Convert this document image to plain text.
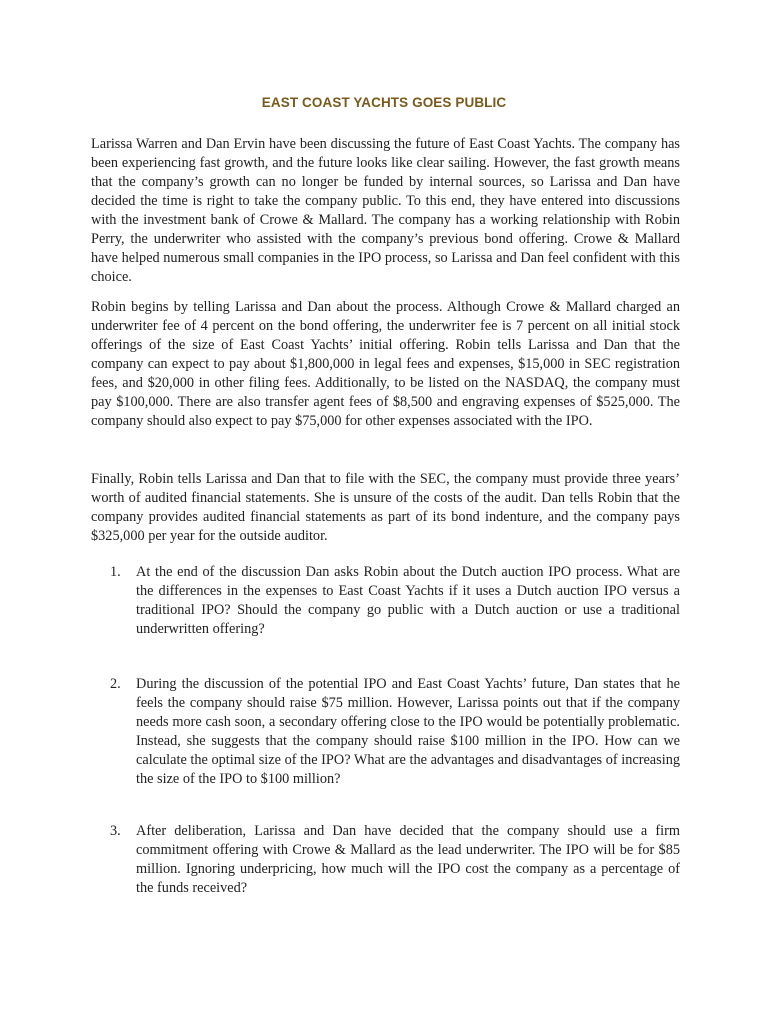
EAST COAST YACHTS GOES PUBLIC

Larissa Warren and Dan Ervin have been discussing the future of East Coast Yachts. The company has been experiencing fast growth, and the future looks like clear sailing. However, the fast growth means that the company’s growth can no longer be funded by internal sources, so Larissa and Dan have decided the time is right to take the company public. To this end, they have entered into discussions with the investment bank of Crowe & Mallard. The company has a working relationship with Robin Perry, the underwriter who assisted with the company’s previous bond offering. Crowe & Mallard have helped numerous small companies in the IPO process, so Larissa and Dan feel confident with this choice.

Robin begins by telling Larissa and Dan about the process. Although Crowe & Mallard charged an underwriter fee of 4 percent on the bond offering, the underwriter fee is 7 percent on all initial stock offerings of the size of East Coast Yachts’ initial offering. Robin tells Larissa and Dan that the company can expect to pay about $1,800,000 in legal fees and expenses, $15,000 in SEC registration fees, and $20,000 in other filing fees. Additionally, to be listed on the NASDAQ, the company must pay $100,000. There are also transfer agent fees of $8,500 and engraving expenses of $525,000. The company should also expect to pay $75,000 for other expenses associated with the IPO.

Finally, Robin tells Larissa and Dan that to file with the SEC, the company must provide three years’ worth of audited financial statements. She is unsure of the costs of the audit. Dan tells Robin that the company provides audited financial statements as part of its bond indenture, and the company pays $325,000 per year for the outside auditor.

1.	At the end of the discussion Dan asks Robin about the Dutch auction IPO process. What are the differences in the expenses to East Coast Yachts if it uses a Dutch auction IPO versus a traditional IPO? Should the company go public with a Dutch auction or use a traditional underwritten offering?
2.	During the discussion of the potential IPO and East Coast Yachts’ future, Dan states that he feels the company should raise $75 million. However, Larissa points out that if the company needs more cash soon, a secondary offering close to the IPO would be potentially problematic. Instead, she suggests that the company should raise $100 million in the IPO. How can we calculate the optimal size of the IPO? What are the advantages and disadvantages of increasing the size of the IPO to $100 million?
3.	After deliberation, Larissa and Dan have decided that the company should use a firm commitment offering with Crowe & Mallard as the lead underwriter. The IPO will be for $85 million. Ignoring underpricing, how much will the IPO cost the company as a percentage of the funds received?
